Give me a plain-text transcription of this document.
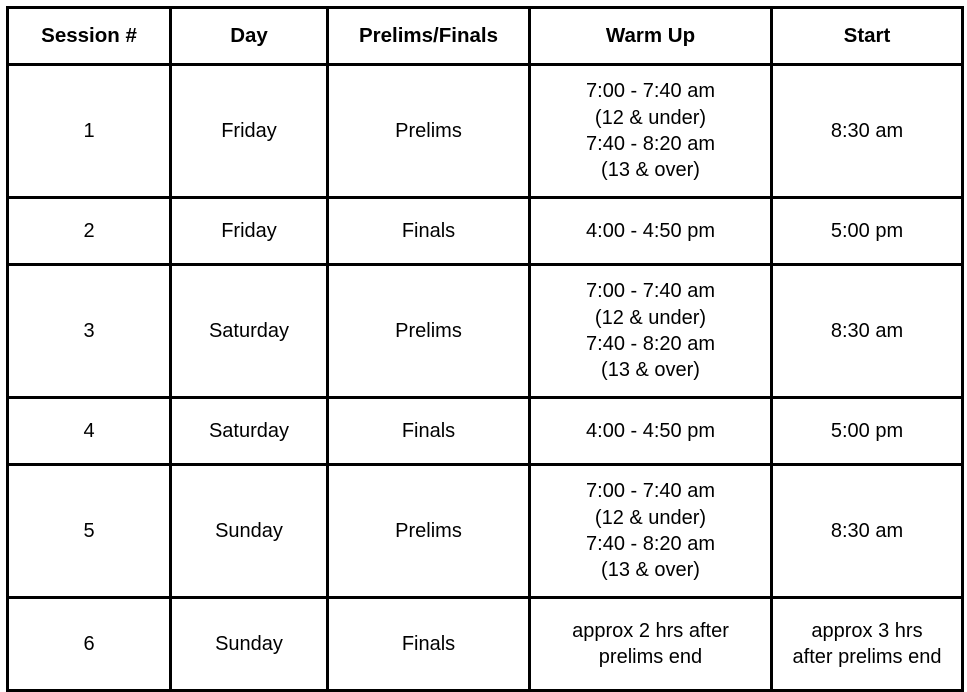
Session #	Day	Prelims/Finals	Warm Up	Start
1	Friday	Prelims	7:00 - 7:40 am
(12 & under)
7:40 - 8:20 am
(13 & over)	8:30 am

2	Friday	Finals	4:00 - 4:50 pm	5:00 pm

3	Saturday	Prelims	7:00 - 7:40 am
(12 & under)
7:40 - 8:20 am
(13 & over)	8:30 am

4	Saturday	Finals	4:00 - 4:50 pm	5:00 pm

5	Sunday	Prelims	7:00 - 7:40 am
(12 & under)
7:40 - 8:20 am
(13 & over)	8:30 am

6	Sunday	Finals	approx 2 hrs after
prelims end	approx 3 hrs
after prelims end
